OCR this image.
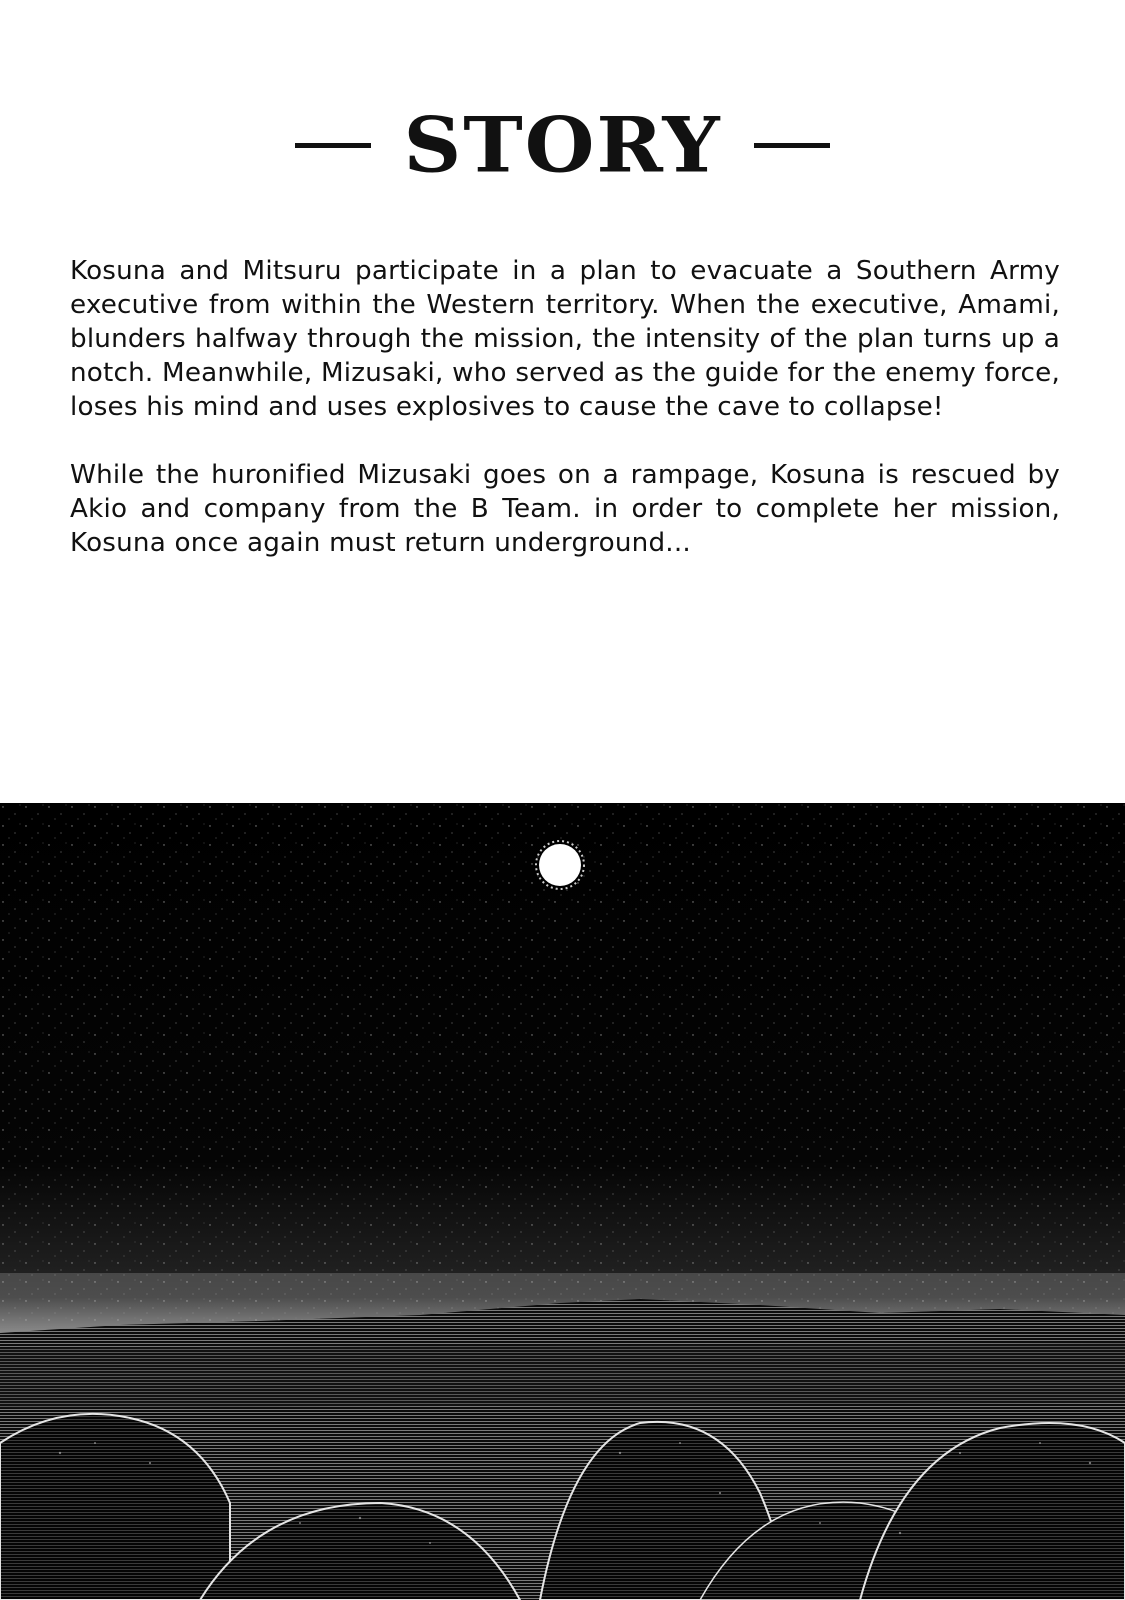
STORY

Kosuna and Mitsuru participate in a plan to evacuate a Southern Army executive from within the Western territory. When the executive, Amami, blunders halfway through the mission, the intensity of the plan turns up a notch. Meanwhile, Mizusaki, who served as the guide for the enemy force, loses his mind and uses explosives to cause the cave to collapse!

While the huronified Mizusaki goes on a rampage, Kosuna is rescued by Akio and company from the B Team. in order to complete her mission, Kosuna once again must return underground...
